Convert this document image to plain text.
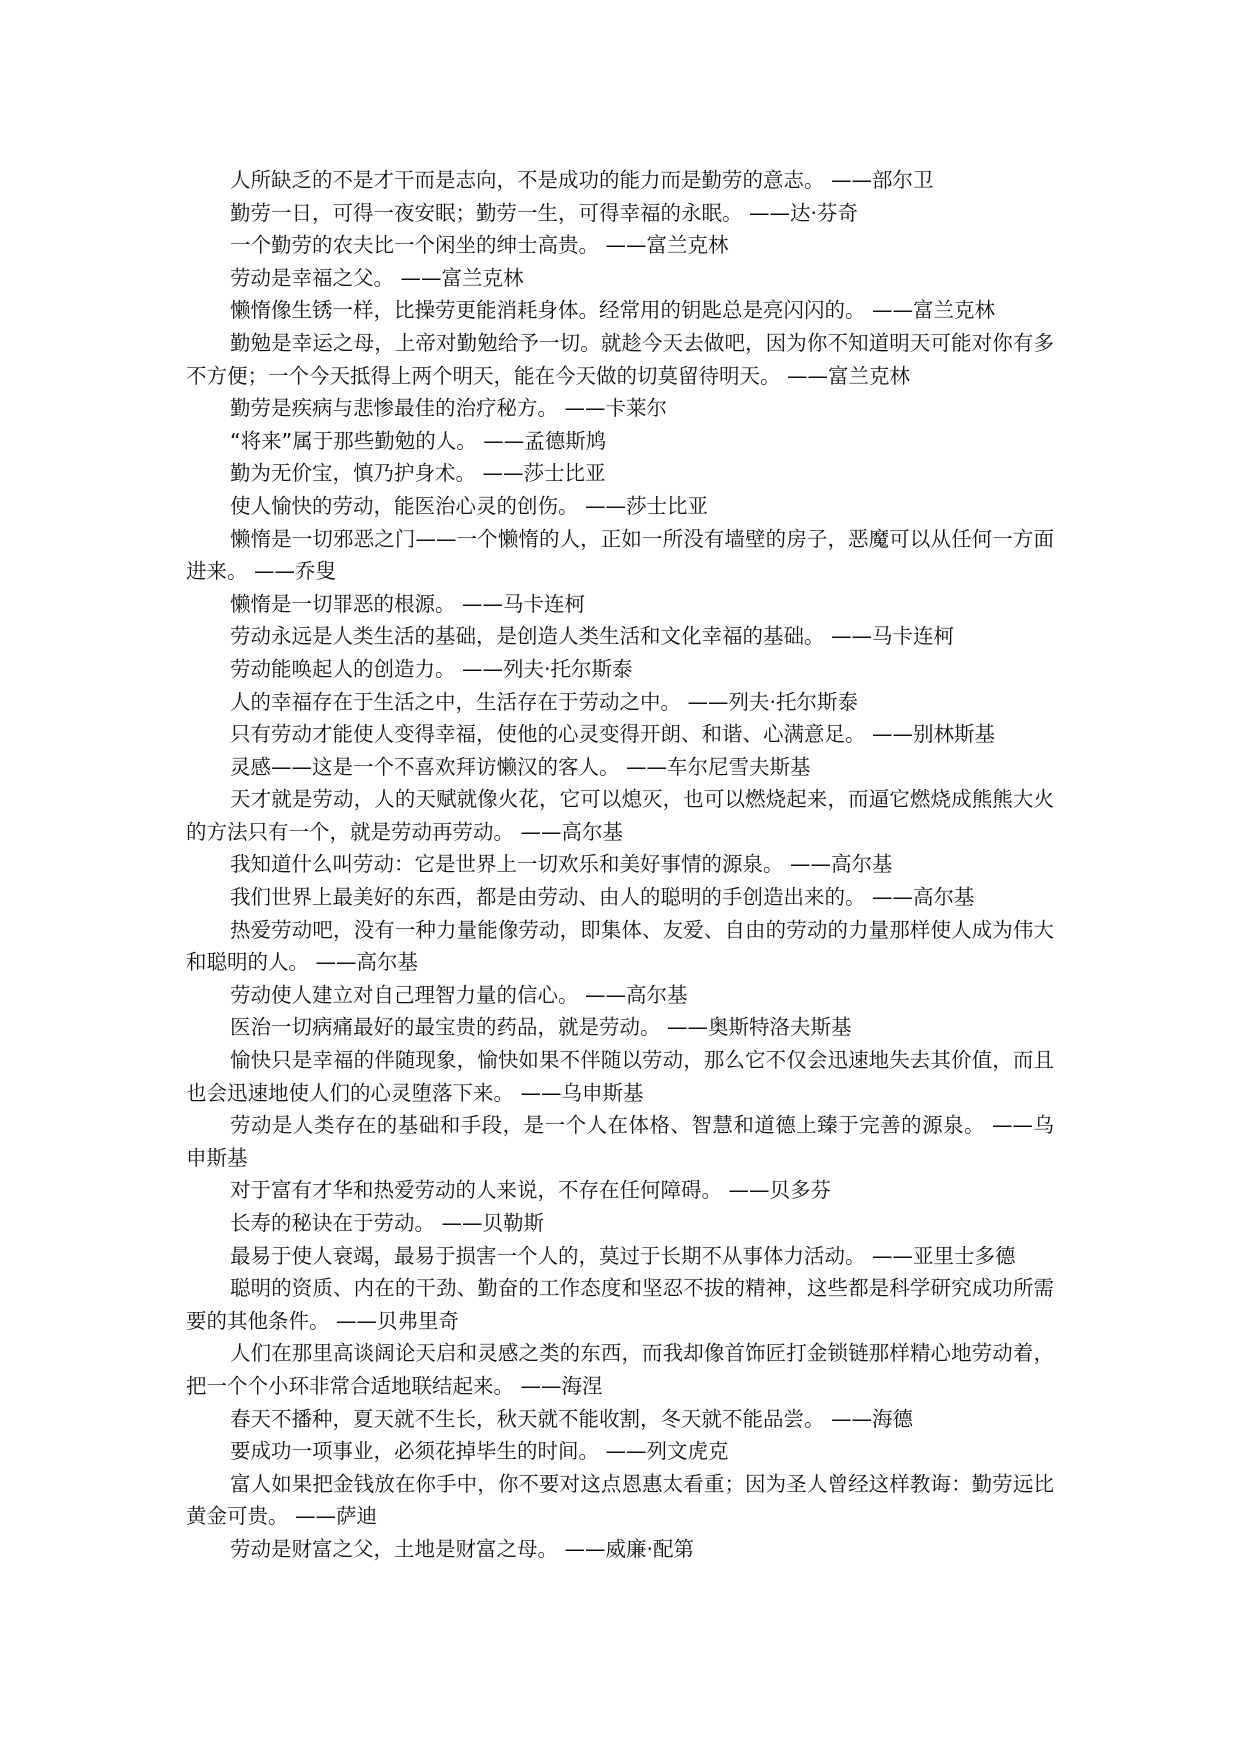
人所缺乏的不是才干而是志向，不是成功的能力而是勤劳的意志。 ——部尔卫

勤劳一日，可得一夜安眠；勤劳一生，可得幸福的永眠。 ——达·芬奇

一个勤劳的农夫比一个闲坐的绅士高贵。 ——富兰克林

劳动是幸福之父。 ——富兰克林

懒惰像生锈一样，比操劳更能消耗身体。经常用的钥匙总是亮闪闪的。 ——富兰克林

勤勉是幸运之母，上帝对勤勉给予一切。就趁今天去做吧，因为你不知道明天可能对你有多不方便；一个今天抵得上两个明天，能在今天做的切莫留待明天。 ——富兰克林

勤劳是疾病与悲惨最佳的治疗秘方。 ——卡莱尔

“将来”属于那些勤勉的人。 ——孟德斯鸠

勤为无价宝，慎乃护身术。 ——莎士比亚

使人愉快的劳动，能医治心灵的创伤。 ——莎士比亚

懒惰是一切邪恶之门——一个懒惰的人，正如一所没有墙壁的房子，恶魔可以从任何一方面进来。 ——乔叟

懒惰是一切罪恶的根源。 ——马卡连柯

劳动永远是人类生活的基础，是创造人类生活和文化幸福的基础。 ——马卡连柯

劳动能唤起人的创造力。 ——列夫·托尔斯泰

人的幸福存在于生活之中，生活存在于劳动之中。 ——列夫·托尔斯泰

只有劳动才能使人变得幸福，使他的心灵变得开朗、和谐、心满意足。 ——别林斯基

灵感——这是一个不喜欢拜访懒汉的客人。 ——车尔尼雪夫斯基

天才就是劳动，人的天赋就像火花，它可以熄灭，也可以燃烧起来，而逼它燃烧成熊熊大火的方法只有一个，就是劳动再劳动。 ——高尔基

我知道什么叫劳动：它是世界上一切欢乐和美好事情的源泉。 ——高尔基

我们世界上最美好的东西，都是由劳动、由人的聪明的手创造出来的。 ——高尔基

热爱劳动吧，没有一种力量能像劳动，即集体、友爱、自由的劳动的力量那样使人成为伟大和聪明的人。 ——高尔基

劳动使人建立对自己理智力量的信心。 ——高尔基

医治一切病痛最好的最宝贵的药品，就是劳动。 ——奥斯特洛夫斯基

愉快只是幸福的伴随现象，愉快如果不伴随以劳动，那么它不仅会迅速地失去其价值，而且也会迅速地使人们的心灵堕落下来。 ——乌申斯基

劳动是人类存在的基础和手段，是一个人在体格、智慧和道德上臻于完善的源泉。 ——乌申斯基

对于富有才华和热爱劳动的人来说，不存在任何障碍。 ——贝多芬

长寿的秘诀在于劳动。 ——贝勒斯

最易于使人衰竭，最易于损害一个人的，莫过于长期不从事体力活动。 ——亚里士多德

聪明的资质、内在的干劲、勤奋的工作态度和坚忍不拔的精神，这些都是科学研究成功所需要的其他条件。 ——贝弗里奇

人们在那里高谈阔论天启和灵感之类的东西，而我却像首饰匠打金锁链那样精心地劳动着，把一个个小环非常合适地联结起来。 ——海涅

春天不播种，夏天就不生长，秋天就不能收割，冬天就不能品尝。 ——海德

要成功一项事业，必须花掉毕生的时间。 ——列文虎克

富人如果把金钱放在你手中，你不要对这点恩惠太看重；因为圣人曾经这样教诲：勤劳远比黄金可贵。 ——萨迪

劳动是财富之父，土地是财富之母。 ——威廉·配第
